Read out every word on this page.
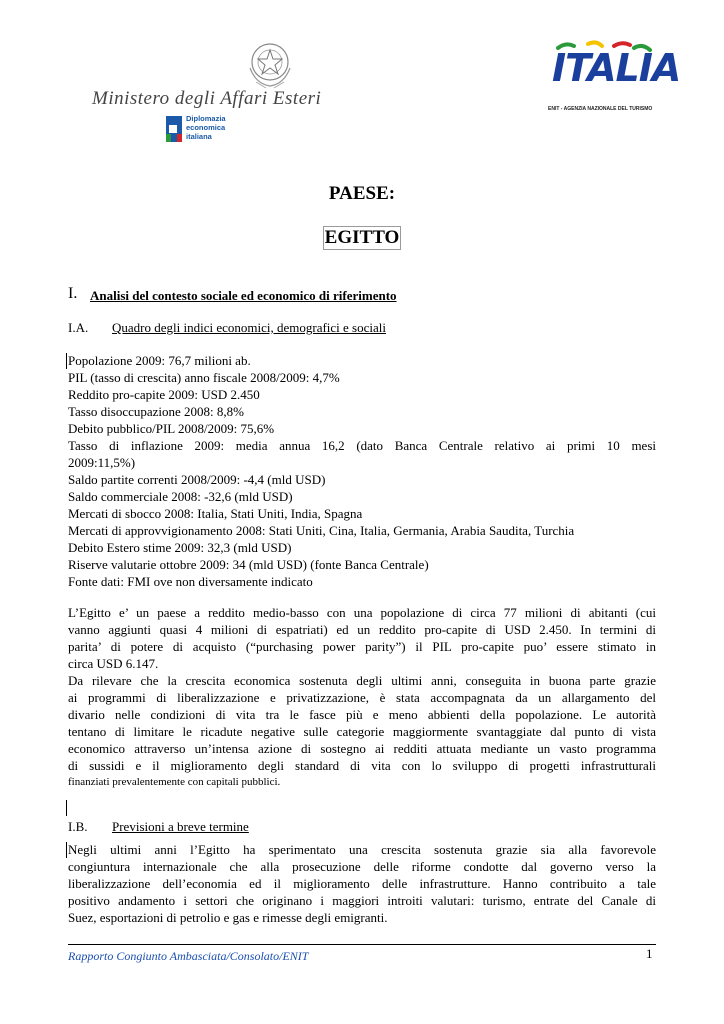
Ministero degli Affari Esteri
Diplomazia
economica
italiana
ITALIA
ENIT - AGENZIA NAZIONALE DEL TURISMO
PAESE:
EGITTO
I. Analisi del contesto sociale ed economico di riferimento
I.A. Quadro degli indici economici, demografici e sociali
Popolazione 2009: 76,7 milioni ab.
PIL (tasso di crescita) anno fiscale 2008/2009: 4,7%
Reddito pro-capite 2009: USD 2.450
Tasso disoccupazione 2008: 8,8%
Debito pubblico/PIL 2008/2009: 75,6%
Tasso di inflazione 2009: media annua 16,2 (dato Banca Centrale relativo ai primi 10 mesi
2009:11,5%)
Saldo partite correnti 2008/2009: -4,4 (mld USD)
Saldo commerciale 2008: -32,6 (mld USD)
Mercati di sbocco 2008: Italia, Stati Uniti, India, Spagna
Mercati di approvvigionamento 2008: Stati Uniti, Cina, Italia, Germania, Arabia Saudita, Turchia
Debito Estero stime 2009: 32,3 (mld USD)
Riserve valutarie ottobre 2009: 34 (mld USD) (fonte Banca Centrale)
Fonte dati: FMI ove non diversamente indicato
L’Egitto e’ un paese a reddito medio-basso con una popolazione di circa 77 milioni di abitanti (cui
vanno aggiunti quasi 4 milioni di espatriati) ed un reddito pro-capite di USD 2.450. In termini di
parita’ di potere di acquisto (“purchasing power parity”) il PIL pro-capite puo’ essere stimato in
circa USD 6.147.
Da rilevare che la crescita economica sostenuta degli ultimi anni, conseguita in buona parte grazie
ai programmi di liberalizzazione e privatizzazione, è stata accompagnata da un allargamento del
divario nelle condizioni di vita tra le fasce più e meno abbienti della popolazione. Le autorità
tentano di limitare le ricadute negative sulle categorie maggiormente svantaggiate dal punto di vista
economico attraverso un’intensa azione di sostegno ai redditi attuata mediante un vasto programma
di sussidi e il miglioramento degli standard di vita con lo sviluppo di progetti infrastrutturali
finanziati prevalentemente con capitali pubblici.
I.B. Previsioni a breve termine
Negli ultimi anni l’Egitto ha sperimentato una crescita sostenuta grazie sia alla favorevole
congiuntura internazionale che alla prosecuzione delle riforme condotte dal governo verso la
liberalizzazione dell’economia ed il miglioramento delle infrastrutture. Hanno contribuito a tale
positivo andamento i settori che originano i maggiori introiti valutari: turismo, entrate del Canale di
Suez, esportazioni di petrolio e gas e rimesse degli emigranti.
Rapporto Congiunto Ambasciata/Consolato/ENIT	1
